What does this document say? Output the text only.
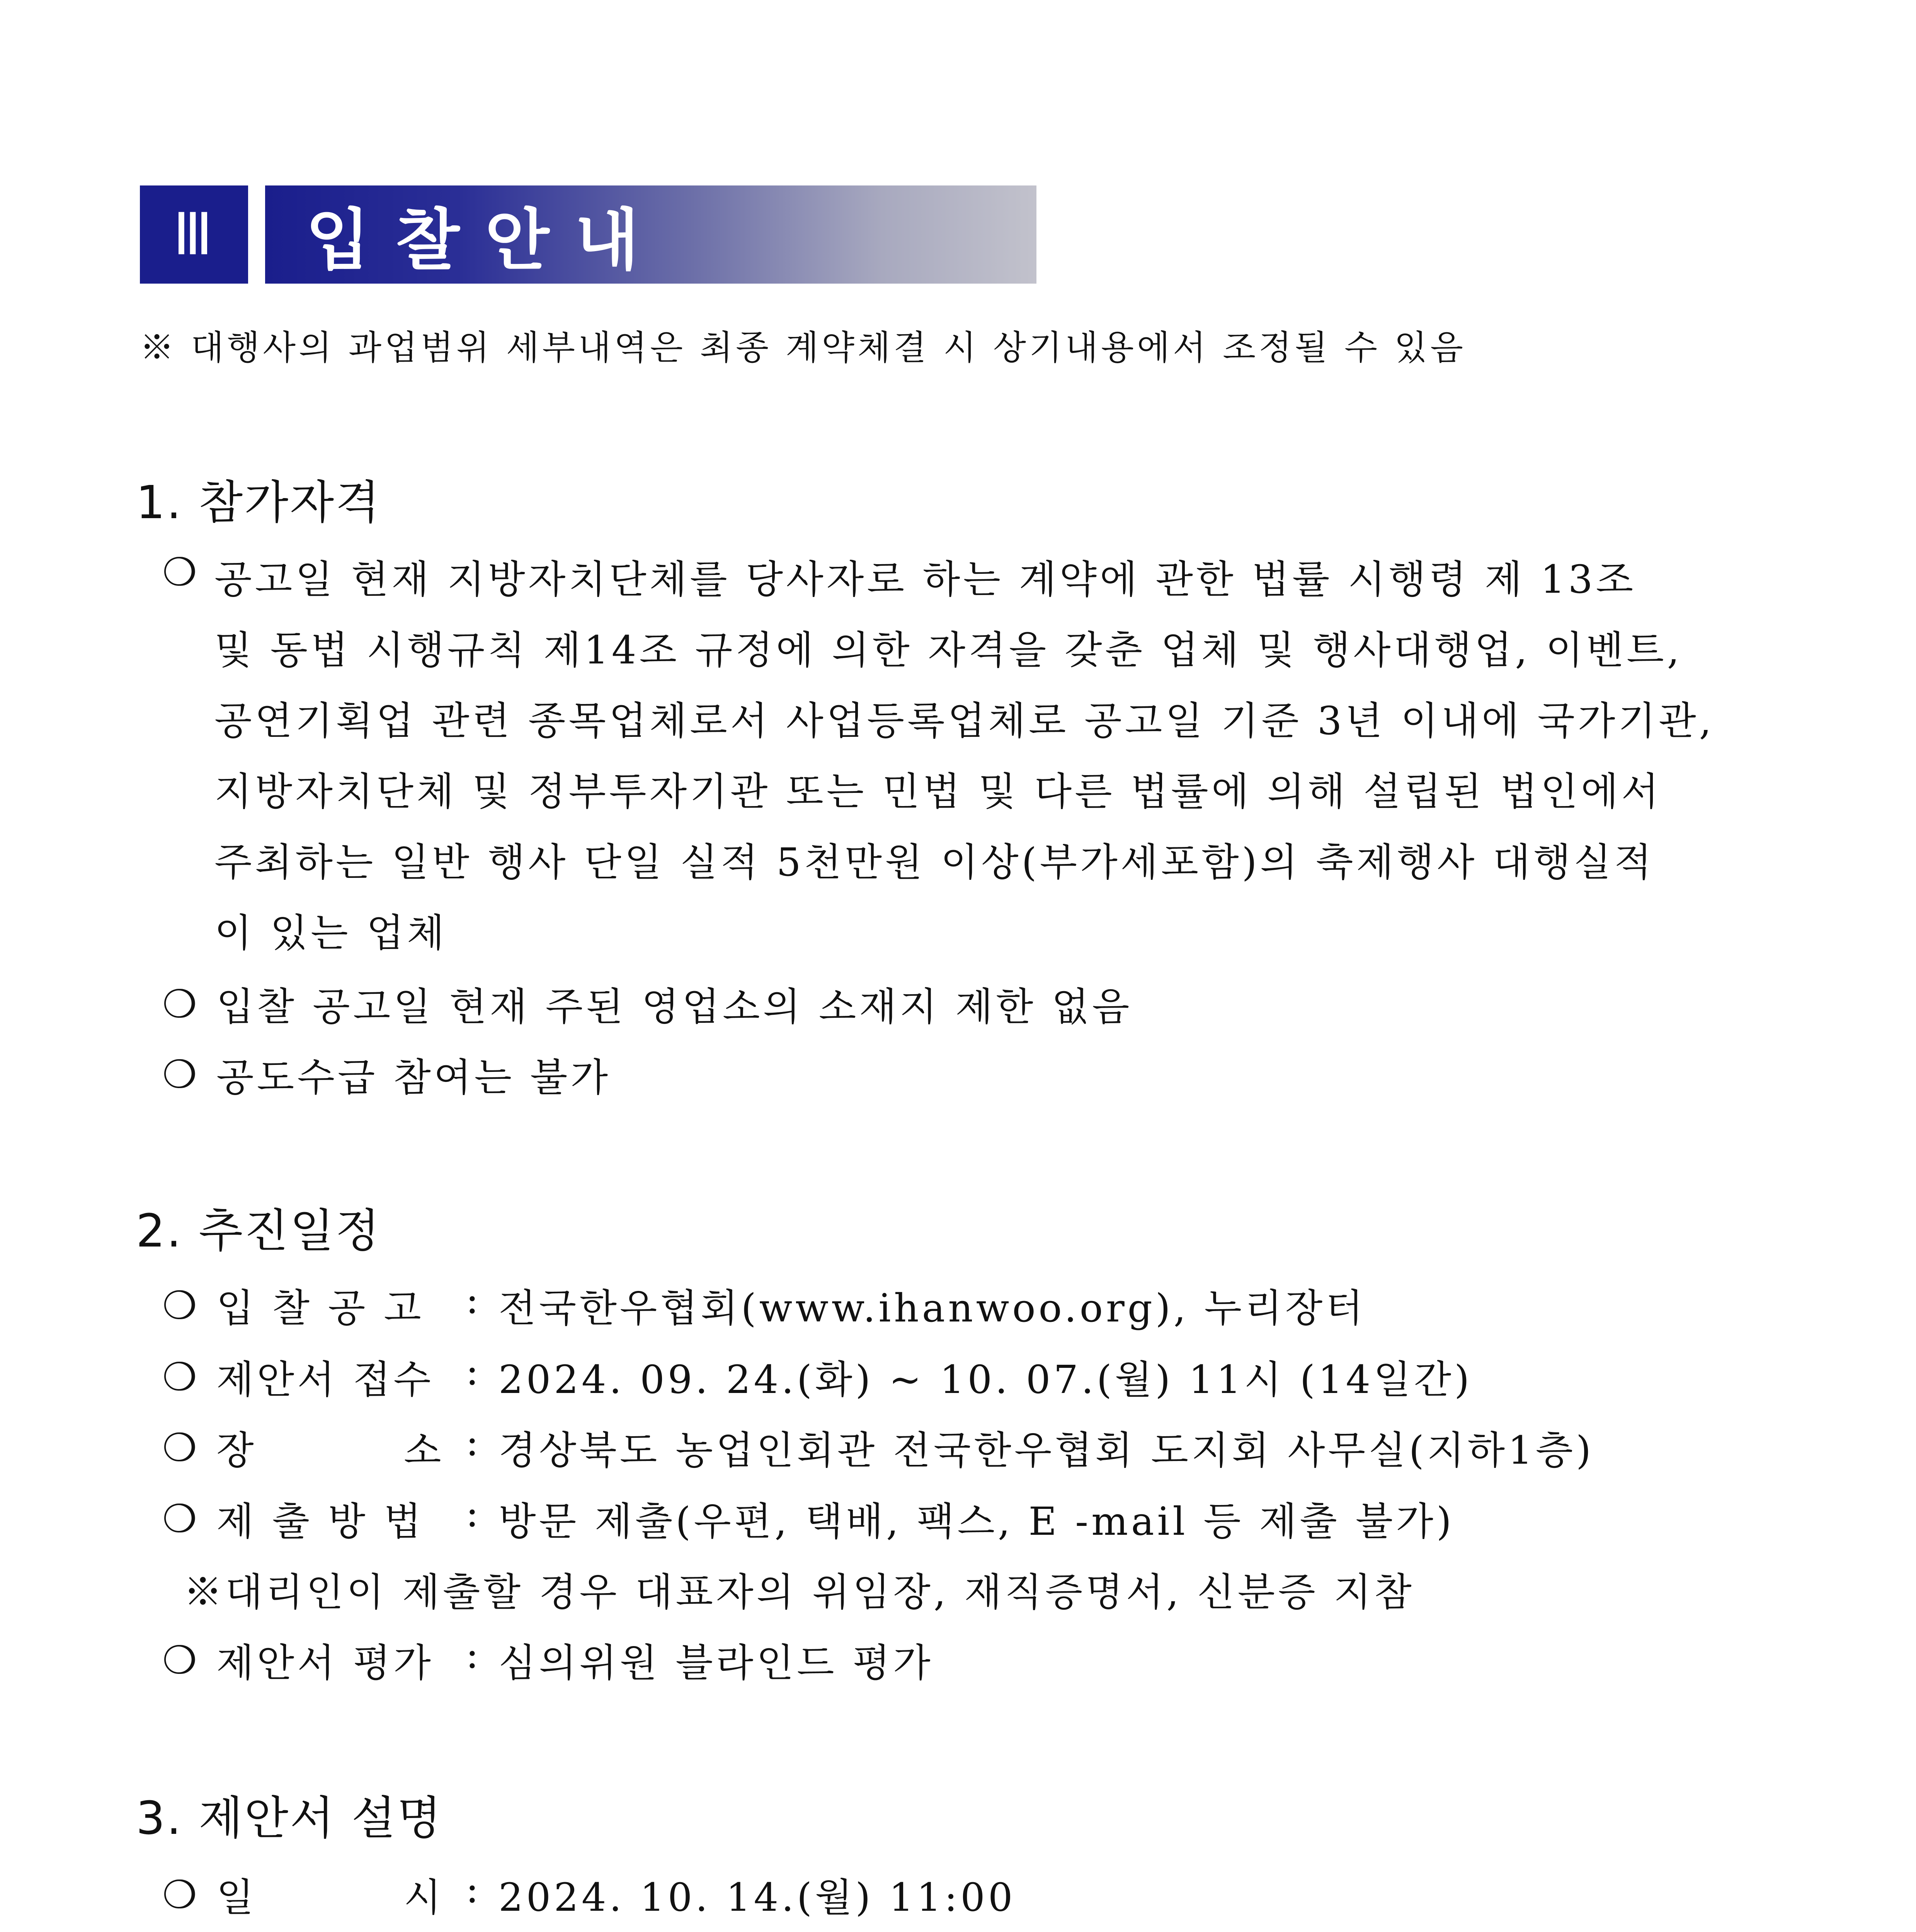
Ⅲ 입찰안내
※ 대행사의 과업범위 세부내역은 최종 계약체결 시 상기내용에서 조정될 수 있음
1. 참가자격
❍ 공고일 현재 지방자치단체를 당사자로 하는 계약에 관한 법률 시행령 제 13조
및 동법 시행규칙 제14조 규정에 의한 자격을 갖춘 업체 및 행사대행업, 이벤트,
공연기획업 관련 종목업체로서 사업등록업체로 공고일 기준 3년 이내에 국가기관,
지방자치단체 및 정부투자기관 또는 민법 및 다른 법률에 의해 설립된 법인에서
주최하는 일반 행사 단일 실적 5천만원 이상(부가세포함)의 축제행사 대행실적
이 있는 업체
❍ 입찰 공고일 현재 주된 영업소의 소재지 제한 없음
❍ 공도수급 참여는 불가
2. 추진일정
❍ 입 찰 공 고 : 전국한우협회(www.ihanwoo.org), 누리장터
❍ 제안서 접수 : 2024. 09. 24.(화) ~ 10. 07.(월) 11시 (14일간)
❍ 장	소 : 경상북도 농업인회관 전국한우협회 도지회 사무실(지하1층)
❍ 제 출 방 법 : 방문 제출(우편, 택배, 팩스, E -mail 등 제출 불가)
※대리인이 제출할 경우 대표자의 위임장, 재직증명서, 신분증 지참
❍ 제안서 평가 : 심의위원 블라인드 평가
3. 제안서 설명
❍ 일	시 : 2024. 10. 14.(월) 11:00
